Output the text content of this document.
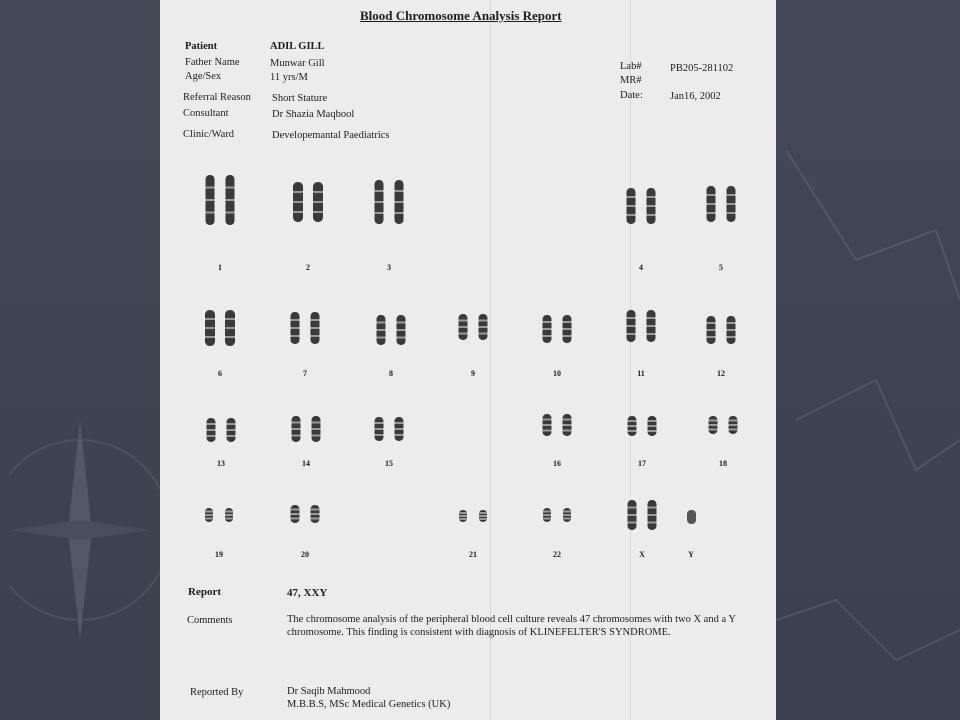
Blood Chromosome Analysis Report
Patient	ADIL GILL
Father Name	Munwar Gill
Age/Sex	11 yrs/M
Referral Reason Short Stature
Consultant	Dr Shazia Maqbool
Clinic/Ward	Developemantal Paediatrics
Lab#	PB205-281102
MR#
Date:	Jan16, 2002
1	2	3	4	5
6	7	8	9	10	11	12
13	14	15	16	17	18
19	20	21	22	X	Y
Report	47, XXY
Comments	The chromosome analysis of the peripheral blood cell culture reveals 47 chromosomes with two X and a Y chromosome. This finding is consistent with diagnosis of KLINEFELTER'S SYNDROME.
Reported By	Dr Saqib Mahmood
M.B.B.S, MSc Medical Genetics (UK)
